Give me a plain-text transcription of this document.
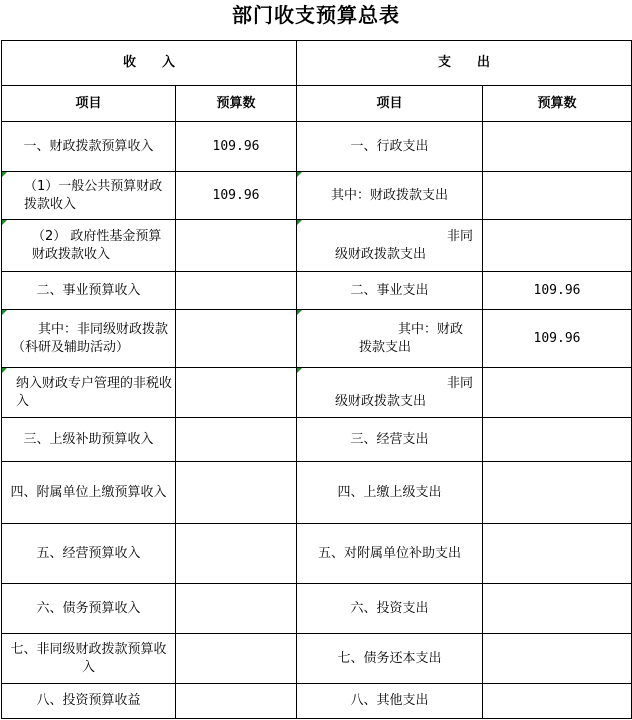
部门收支预算总表
收　　入		支　　出	
项目	预算数	项目	预算数
一、财政拨款预算收入	109.96	一、行政支出	
（1）一般公共预算财政拨款收入	109.96	其中：财政拨款支出	
（2） 政府性基金预算财政拨款收入		非同级财政拨款支出	
二、事业预算收入		二、事业支出	109.96
其中：非同级财政拨款（科研及辅助活动）		其中：财政拨款支出	109.96
纳入财政专户管理的非税收入		非同级财政拨款支出	
三、上级补助预算收入		三、经营支出	
四、附属单位上缴预算收入		四、上缴上级支出	
五、经营预算收入		五、对附属单位补助支出	
六、债务预算收入		六、投资支出	
七、非同级财政拨款预算收入		七、债务还本支出	
八、投资预算收益		八、其他支出	
